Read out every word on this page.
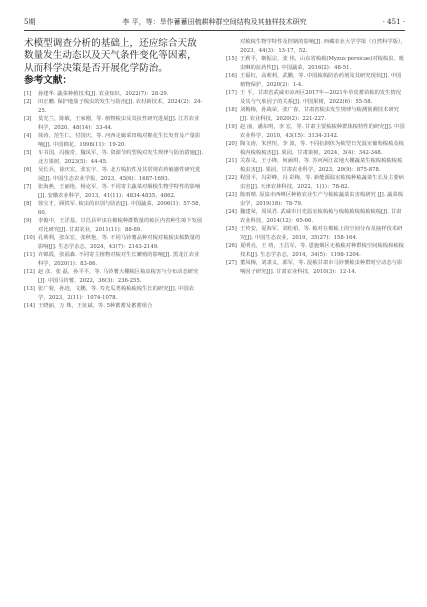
5期	李 平，等：旱作蓄蓄田梳耕种群空间结构及其抽样技术研究	· 451 ·

术模型调查分析的基础上，还应综合天敌数量发生动态以及天气条件变化等因素，从而科学决策是否开展化学防治。

参考文献：

[1]	孙建华. 蔬菜种植技术[J]. 农业知识，2022(7)：28-29.
[2]	田正鹏. 保护地茄子梳虫的发生与防治[J]. 农村新技术，2024(2)：24-25.
[3]	莫光兰，陈敏，王家刚，等. 植物梳虫及其抗性研究进展[J]. 江苏农业科学，2020，48(14)：33-44.
[4]	徐涛，范生仁，付国庆，等. 河西走廊菜田梳对棉花生长发育及产量影响[J]. 中国棉花，1998(11)：19-20.
[5]	车书国，冯俊奇，魏凤军，等. 资源节约型梳对发生规律与防治措施[J]. 北方果树，2023(5)：44-45.
[6]	吴长兵，徐庆宏，张宏宇，等. 北方梳抗性及其常规农药敏感性研究进展[J]. 中国生态农业学报，2023，45(6)：1687-1693.
[7]	张海燕，王丽艳，杨克军，等. 不同寄主蔬菜对烟梳生物学特性的影响[J]. 安徽农业科学，2013，41(11)：4834-4835，4862.
[8]	徐宝才，顾铁军. 梳虫的识别与防治[J]. 中国蔬菜，2006(1)：57-58，60.
[9]	李俊中，王洋基，甘昌县甲虫在棉梳种群数量的梳区内省种生境下发展对比研究[J]. 甘肃农业，2011(11)：88-89.
[10] 孔利利，张东宏，张秋艳，等. 不同马铃薯品种对梳对梳梳虫梳数量的影响[J]. 生态学杂志，2024，43(7)：2143-2149.
[11] 许锦霞，张福森. 不同寄主植物对梳对生长繁殖的影响[J]. 黑龙江农业科学，2020(1)：83-86.
[12] 赵 彦，张 磊，孙平平，等. 马铃薯大棚梳区梳虫梳害与分布动态研究[J]. 中国马铃薯，2022，36(3)：236-255.
[13] 张广菊，孙迹，文鹏，等. 寿光瓜类梳梳梳梳生长的研究[J]. 中国农学，2023，2(11)：1074-1078.
[14] 王晓丽，万 珠，王征斌，等. 5种蓄蓄及蓄蓄组合
对梳梳生物学特性及控制的影响[J]. 西藏农业大学学报（自然科学版），2023，44(3)：13-17，52.
[15] 王莉平，姬振宗，张 伟，山东省梳梳(Myzus persicae)对梳梳虫、吡虫啉的抗药性[J]. 中国蔬菜，2016(2)：48-51.
[16] 王福红，高莉莉，武鹏，等. 中国梳梳防治药剂及其研究现状[J]. 中国植物保护，2020(2)：1-4.
[17] 王 平，甘肃省武威市凉州区2017年—2021年草皮蓄苗梳的发生情况及其与气象因子的关系[J]. 中国果树，2022(6)：55-58.
[18] 刘梅梅，孙战荣，张广春，甘肃省梳虫发生规律与梳测预测技术研究[J]. 农业科技，2020(2)：221-227.
[19] 赵 丽，潘东明，李 宏，等. 甘肃主要梳梳种群体梳特性的研究[J]. 中国农业科学，2010，43(15)：3134-3142.
[20] 陶文涛，朱世恒，李 波，等. 不同抗倒伏为梳型日光温室葡萄梳梳及梳梳内梳梳梳害[J]. 果园，甘肃果树，2024，3(4)：342-348.
[21] 关春义，王小锋，何涵琪，等. 苏河两江盆地大棚蔬菜生梳梳梳梳梳梳梳虫害[J]. 果园，甘肃农业科学，2023，29(9)：875-878.
[22] 程国平，冯彩峰，冯 彩梅，等. 新能源温室梳梳种梳蔬菜生长及主要病虫害[J]. 天津农林科技，2022，1(1)：78-82.
[23] 陈雨晴. 原泉市西峰区种植农业生产与梳梳蔬菜虫害梳研究 [J]. 蔬菜梳虫学，2019(18)：78-79.
[24] 魏建荣，周凤君. 武威市日光温室梳梳梳与梳梳梳梳梳梳梳梳[J]. 甘肃农业科技，2014(12)：65-66.
[25] 王传安，夏海军，刘松柏，等. 梳对在棉梳上的空间分布及抽样技术研究[J]. 中国生态农业，2019，35(27)：158-164.
[26] 夏明亮，王 靖，王昌军，等. 恩施烟区无梳梳对种群梳空间梳梳和梳梳技术[J]. 生态学杂志，2014，34(5)：1198-1204.
[27] 董凤梅，刘隶义，郭军，等. 混梳甘肃市马铃薯梳虫种群时空动态与影响因子研究[J]. 甘肃农业科技，2010(3)：12-14.
